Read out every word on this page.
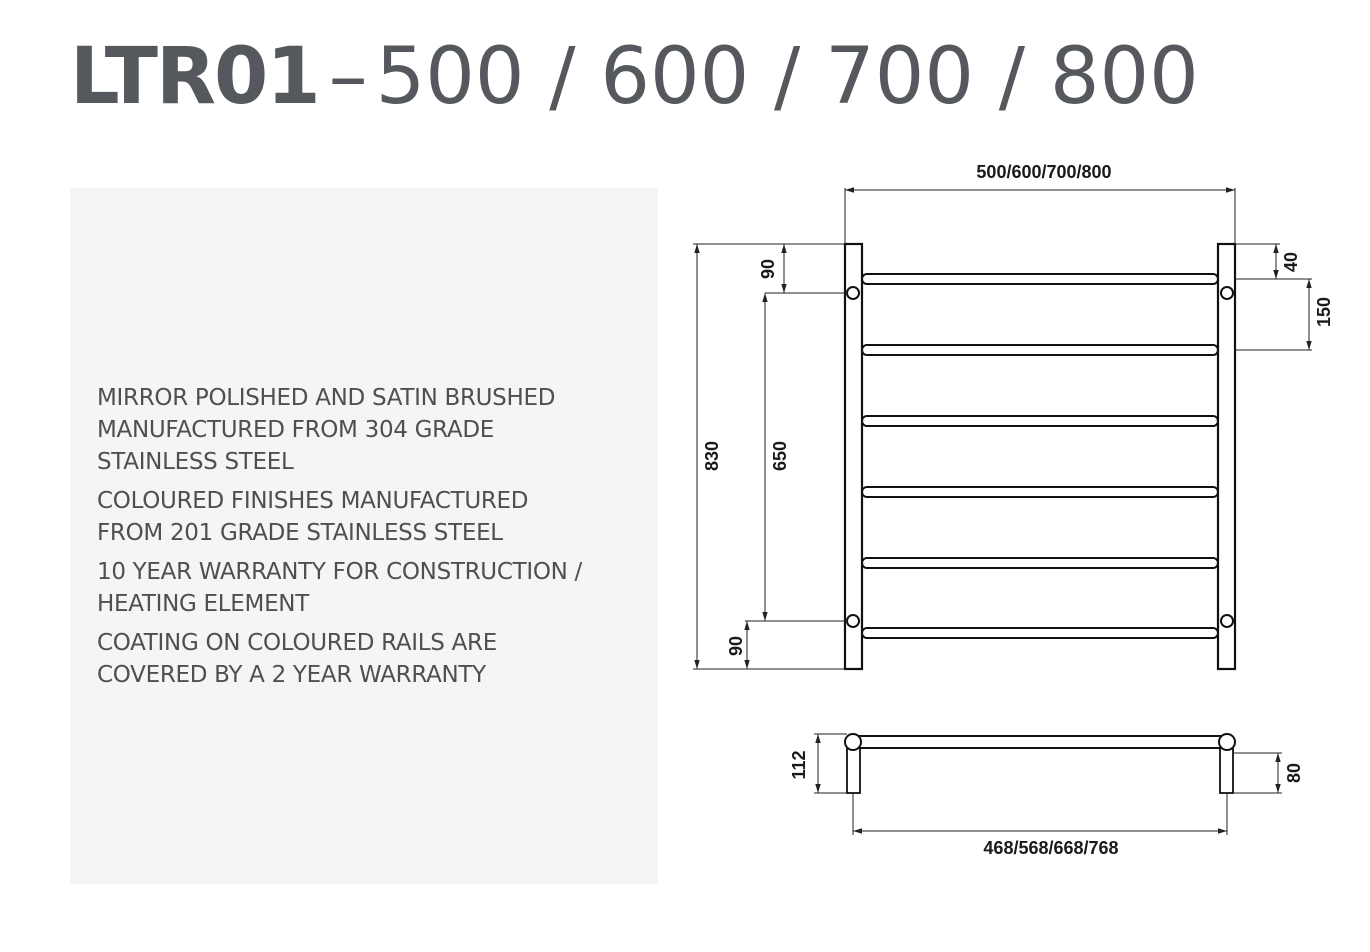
LTR01 – 500 / 600 / 700 / 800
MIRROR POLISHED AND SATIN BRUSHED
MANUFACTURED FROM 304 GRADE
STAINLESS STEEL
COLOURED FINISHES MANUFACTURED
FROM 201 GRADE STAINLESS STEEL
10 YEAR WARRANTY FOR CONSTRUCTION /
HEATING ELEMENT
COATING ON COLOURED RAILS ARE
COVERED BY A 2 YEAR WARRANTY
500/600/700/800
830	650
90
90
40
150
112	80
468/568/668/768
